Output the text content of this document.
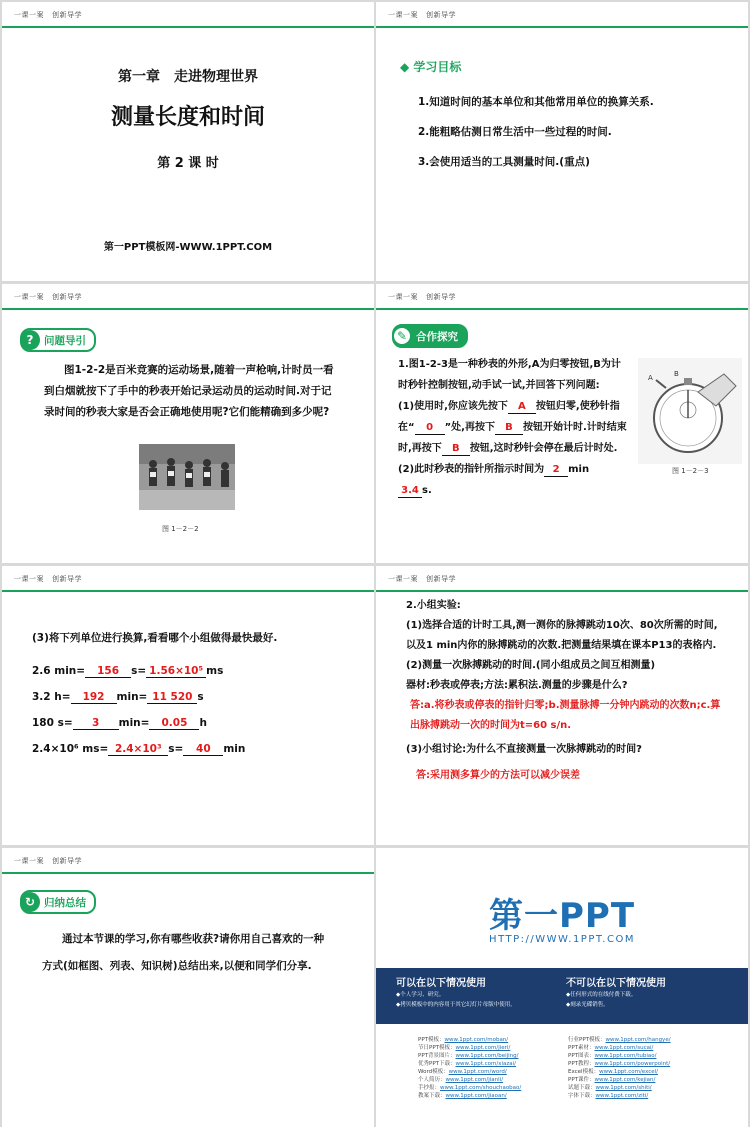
一课一案 创新导学
第一章　走进物理世界
测量长度和时间
第 2 课 时
第一PPT模板网-WWW.1PPT.COM
一课一案 创新导学
◆ 学习目标
1.知道时间的基本单位和其他常用单位的换算关系.
2.能粗略估测日常生活中一些过程的时间.
3.会使用适当的工具测量时间.(重点)
一课一案 创新导学
?	问题导引
图1-2-2是百米竞赛的运动场景,随着一声枪响,计时员一看到白烟就按下了手中的秒表开始记录运动员的运动时间.对于记录时间的秒表大家是否会正确地使用呢?它们能精确到多少呢?
图 1－2－2
一课一案 创新导学
✎ 合作探究
1.图1-2-3是一种秒表的外形,A为归零按钮,B为计时秒针控制按钮,动手试一试,并回答下列问题:
(1)使用时,你应该先按下 A 按钮归零,使秒针指在“ 0 ”处,再按下 B 按钮开始计时.计时结束时,再按下 B 按钮,这时秒针会停在最后计时处.
(2)此时秒表的指针所指示时间为 2 min
3.4 s.
A	B
图 1－2－3
一课一案 创新导学
(3)将下列单位进行换算,看看哪个小组做得最快最好.
2.6 min= 156 s= 1.56×10⁵ ms
3.2 h= 192 min= 11 520 s
180 s= 3 min= 0.05 h
2.4×10⁶ ms= 2.4×10³ s= 40 min
一课一案 创新导学
2.小组实验:
(1)选择合适的计时工具,测一测你的脉搏跳动10次、80次所需的时间,以及1 min内你的脉搏跳动的次数.把测量结果填在课本P13的表格内.
(2)测量一次脉搏跳动的时间.(同小组成员之间互相测量)
器材:秒表或停表;方法:累积法.测量的步骤是什么?
答:a.将秒表或停表的指针归零;b.测量脉搏一分钟内跳动的次数n;c.算出脉搏跳动一次的时间为t=60 s/n.
(3)小组讨论:为什么不直接测量一次脉搏跳动的时间?
答:采用测多算少的方法可以减少误差
一课一案 创新导学
↻ 归纳总结
通过本节课的学习,你有哪些收获?请你用自己喜欢的一种方式(如框图、列表、知识树)总结出来,以便和同学们分享.
第一PPT
HTTP://WWW.1PPT.COM
可以在以下情况使用
◆个人学习、研究。
◆拷贝模板中的内容用于其它幻灯片母版中使用。
不可以在以下情况使用
◆任何形式的在线付费下载。
◆刻录光碟销售。
PPT模板：www.1ppt.com/moban/
节日PPT模板：www.1ppt.com/jieri/
PPT背景图片：www.1ppt.com/beijing/
优秀PPT下载：www.1ppt.com/xiazai/
Word模板：www.1ppt.com/word/
个人简历：www.1ppt.com/jianli/
手抄报：www.1ppt.com/shouchaobao/
教案下载：www.1ppt.com/jiaoan/
行业PPT模板：www.1ppt.com/hangye/
PPT素材：www.1ppt.com/sucai/
PPT图表：www.1ppt.com/tubiao/
PPT教程：www.1ppt.com/powerpoint/
Excel模板：www.1ppt.com/excel/
PPT课件：www.1ppt.com/kejian/
试题下载：www.1ppt.com/shiti/
字体下载：www.1ppt.com/ziti/
